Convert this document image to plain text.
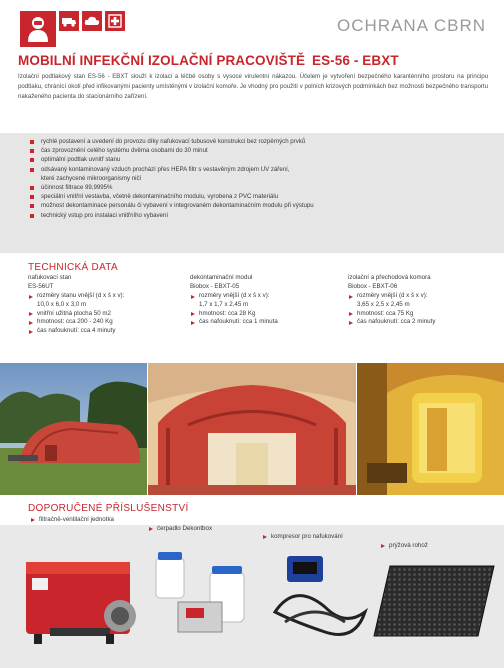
OCHRANA CBRN
MOBILNÍ INFEKČNÍ IZOLAČNÍ PRACOVIŠTĚ ES-56 - EBXT
Izolační podtlakový stan ES-56 - EBXT slouží k izolaci a léčbě osoby s vysoce virulentní nákazou. Účelem je vytvoření bezpečného karanténního prostoru na principu podtlaku, chránící okolí před infikovanými pacienty umístěnými v izolační komoře. Je vhodný pro použití v polních krizových podmínkách bez možnosti bezpečného transportu nakaženého pacienta do stacionárního zařízení.
rychlé postavení a uvedení do provozu díky nafukovací tubusové konstrukci bez rozpěrných prvků
čas zprovoznění celého systému dvěma osobami do 30 minut
optimální podtlak uvnitř stanu
odsávaný kontaminovaný vzduch prochází přes HEPA filtr s vestavěným zdrojem UV záření,
které zachycené mikroorganismy ničí
účinnost filtrace 99,9995%
speciální vnitřní vestavba, včetně dekontaminačního modulu, vyrobena z PVC materiálu
možnost dekontaminace personálu či vybavení v integrovaném dekontaminačním modulu při výstupu
technický vstup pro instalaci vnitřního vybavení
TECHNICKÁ DATA
nafukovací stan
ES-56UT
rozměry stanu vnější (d x š x v):
10,0 x 6,0 x 3,0 m
vnitřní užitná plocha 50 m2
hmotnost: cca 200 - 240 Kg
čas nafouknutí: cca 4 minuty
dekontaminační modul
Biobox - EBXT-05
rozměry vnější (d x š x v):
1,7 x 1,7 x 2,45 m
hmotnost: cca 28 Kg
čas nafouknutí: cca 1 minuta
izolační a přechodová komora
Biobox - EBXT-06
rozměry vnější (d x š x v):
3,65 x 2,5 x 2,45 m
hmotnost: cca 75 Kg
čas nafouknutí: cca 2 minuty
DOPORUČENÉ PŘÍSLUŠENSTVÍ
filtračně-ventilační jednotka
čerpadlo Dekontbox
kompresor pro nafukování
prýžová rohož
